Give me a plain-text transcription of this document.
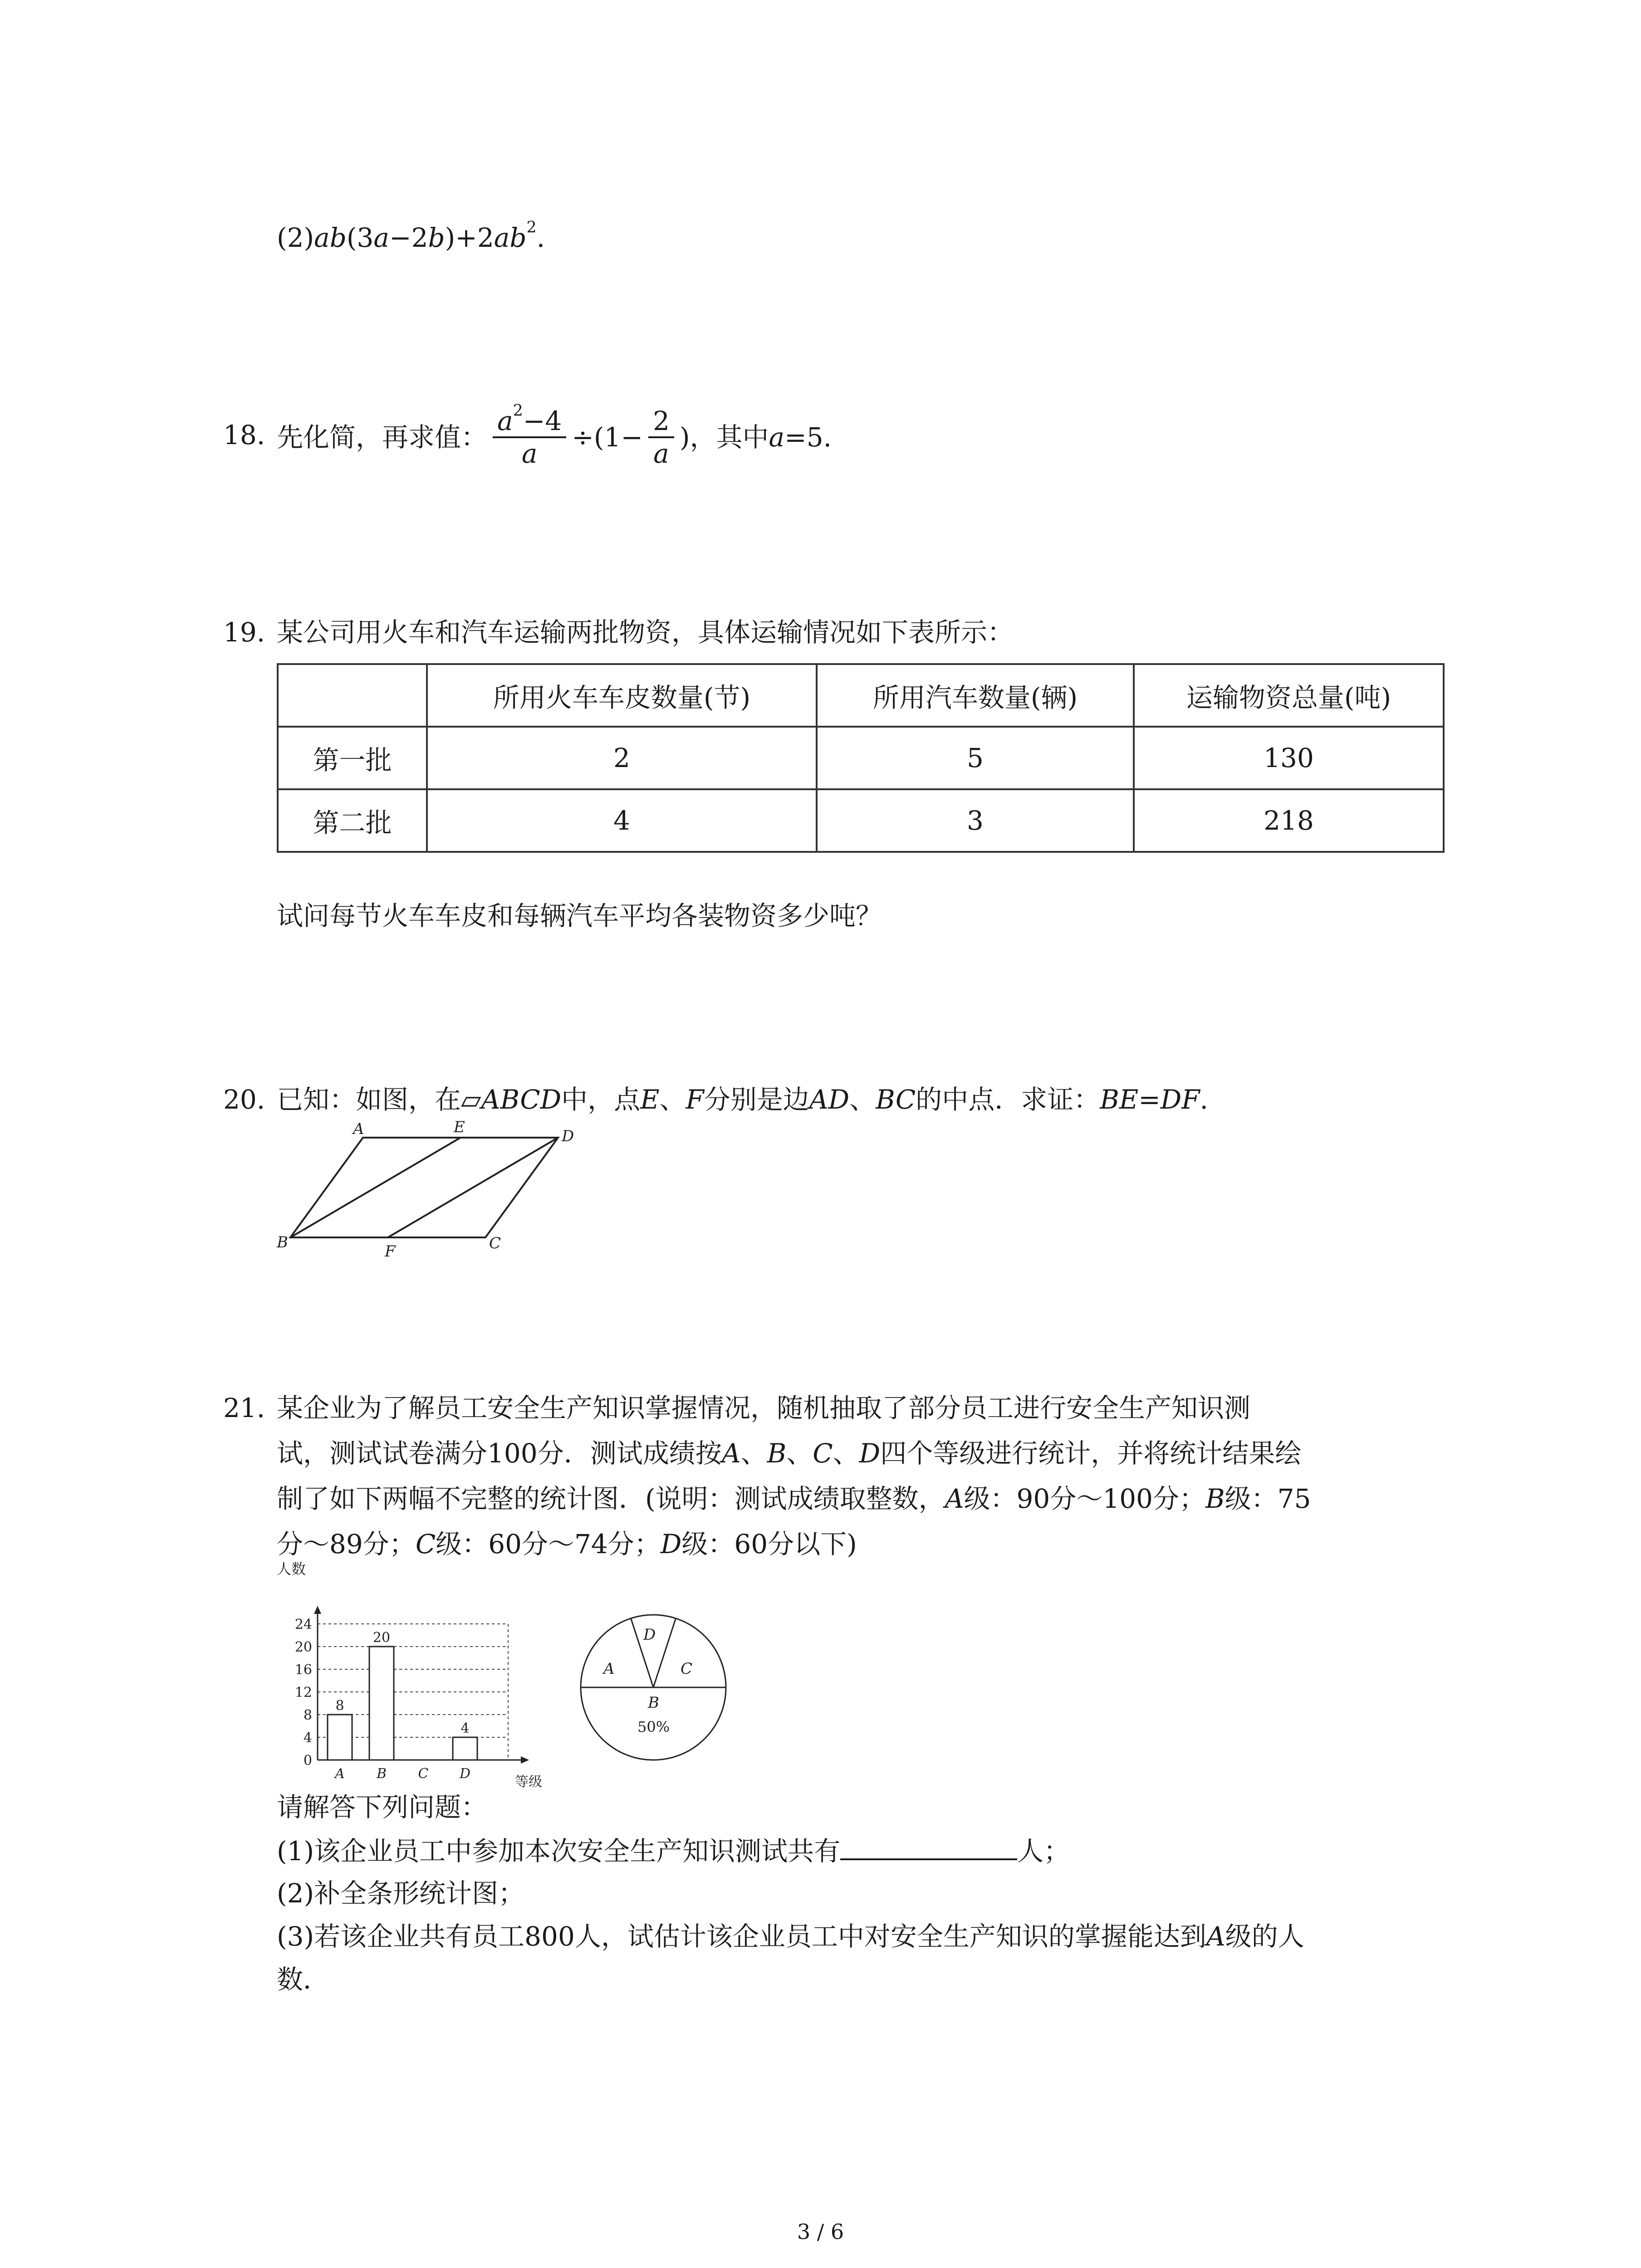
$(2)ab(3a-2b)+2ab^2$.
18. 先化简，再求值： $\frac{a^2-4}{a} \div(1- \frac{2}{a}$ )，其中 a =5.
19. 某公司用火车和汽车运输两批物资，具体运输情况如下表所示：
	所用火车车皮数量(节)	所用汽车数量(辆)	运输物资总量(吨)
第一批	2	5	130
第二批	4	3	218
试问每节火车车皮和每辆汽车平均各装物资多少吨？
20. 已知：如图，在▱ABCD中，点E、F分别是边AD、BC的中点．求证：BE=DF.
A	E	D
B	F	C
21. 某企业为了解员工安全生产知识掌握情况，随机抽取了部分员工进行安全生产知识测
试，测试试卷满分100分．测试成绩按A、B、C、D四个等级进行统计，并将统计结果绘
制了如下两幅不完整的统计图．(说明：测试成绩取整数，A级：90分～100分；B级：75
分～89分；C级：60分～74分；D级：60分以下)
0
4
8
12
16
20
24
人数
等级
8
A
20
B C
4
D
A
D
C
B
50%
请解答下列问题：
(1)该企业员工中参加本次安全生产知识测试共有	人；
(2)补全条形统计图；
(3)若该企业共有员工800人，试估计该企业员工中对安全生产知识的掌握能达到A级的人
数．
3 / 6
